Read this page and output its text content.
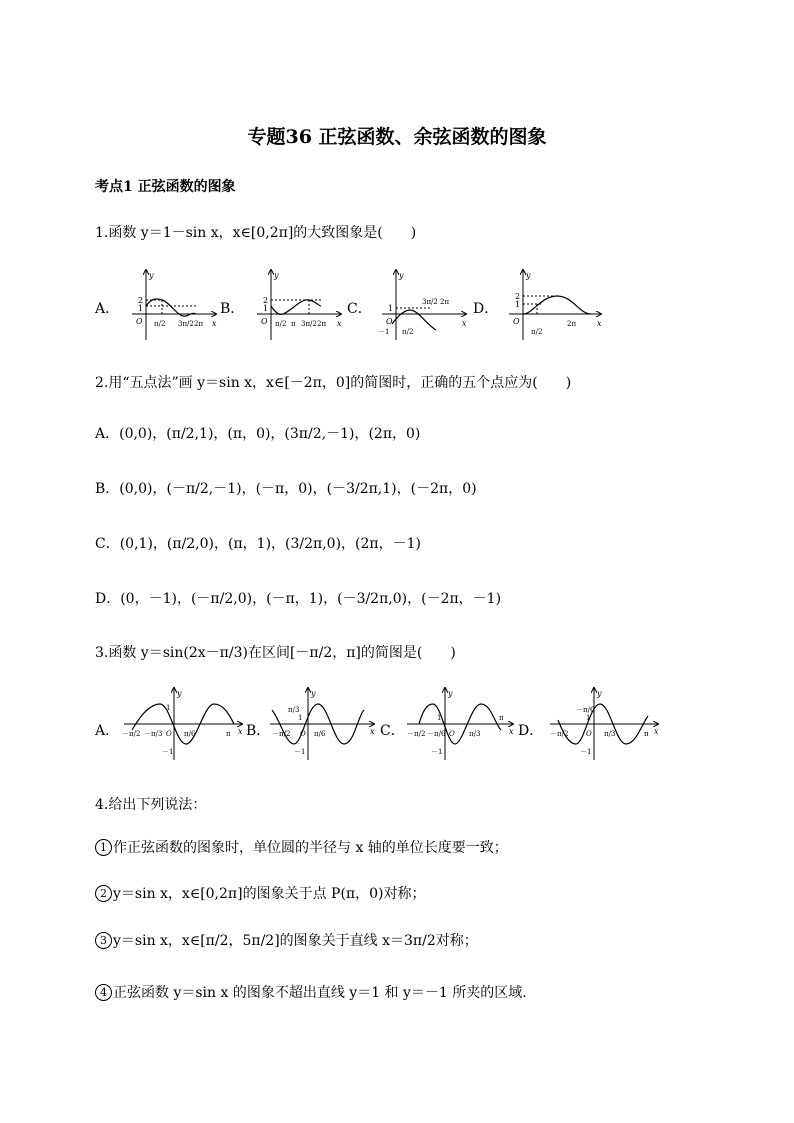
专题36 正弦函数、余弦函数的图象
考点1 正弦函数的图象
1.函数 y＝1－sin x，x∈[0,2π]的大致图象是(　　)
A．	B．	C．	D．
y
x
O
2
1
π/2 3π/2 2π
y
x
O
2
1
π/2 π 3π/2 2π
y
x
O
1
－1 π/2
3π/2 2π
y
x
O
2
1
π/2
2π
2.用“五点法”画 y＝sin x，x∈[－2π，0]的简图时，正确的五个点应为(　　)
A．(0,0)，(π/2,1)，(π，0)，(3π/2,－1)，(2π，0)
B．(0,0)，(－π/2,－1)，(－π，0)，(－3/2π,1)，(－2π，0)
C．(0,1)，(π/2,0)，(π，1)，(3/2π,0)，(2π，－1)
D．(0，－1)，(－π/2,0)，(－π，1)，(－3/2π,0)，(－2π，－1)
3.函数 y＝sin(2x－π/3)在区间[－π/2，π]的简图是(　　)
A．	B．	C．	D．
y
x
1
－1
－π/2 －π/3 O π/6	π
y
x
π/3
1
－1
－π/2 O π/6
y
x
1
－1
－π/2 －π/6 O π/3
π
y
x
－π/6
1
－1
－π/2	O π/3	π
4.给出下列说法：
1 作正弦函数的图象时，单位圆的半径与 x 轴的单位长度要一致；
2 y＝sin x，x∈[0,2π]的图象关于点 P(π，0)对称；
3 y＝sin x，x∈[π/2，5π/2]的图象关于直线 x＝3π/2对称；
4 正弦函数 y＝sin x 的图象不超出直线 y＝1 和 y＝－1 所夹的区域.
